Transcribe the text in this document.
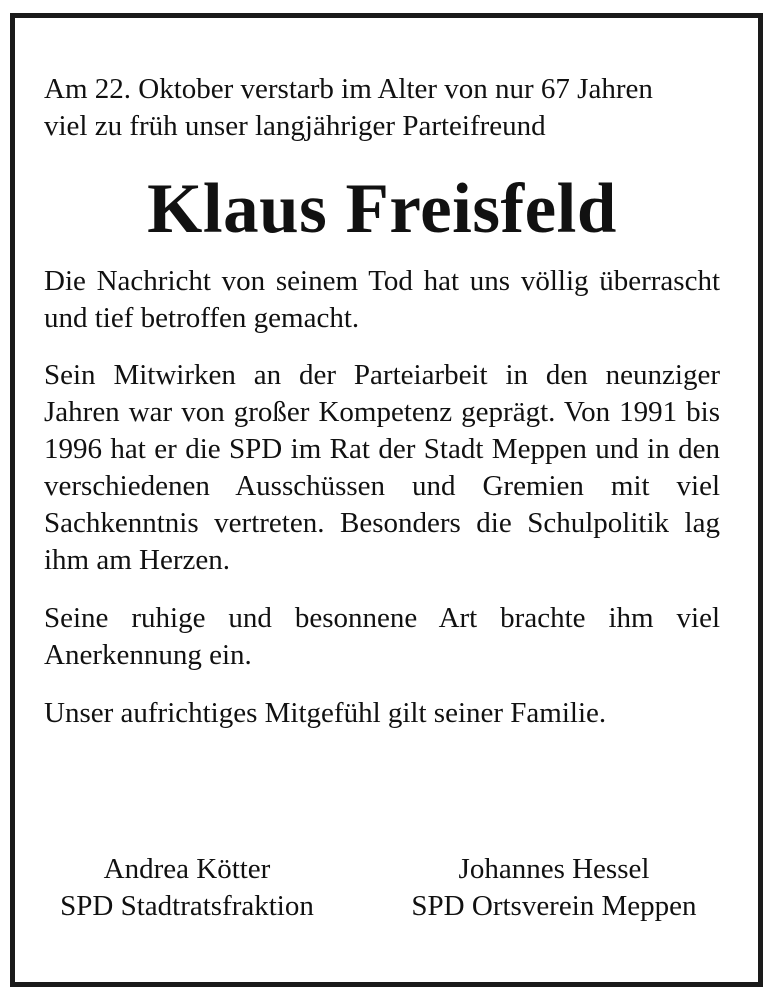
Am 22. Oktober verstarb im Alter von nur 67 Jahren
viel zu früh unser langjähriger Parteifreund

Klaus Freisfeld

Die Nachricht von seinem Tod hat uns völlig überrascht und tief betroffen gemacht.

Sein Mitwirken an der Parteiarbeit in den neunziger Jahren war von großer Kompetenz geprägt. Von 1991 bis 1996 hat er die SPD im Rat der Stadt Meppen und in den verschiedenen Ausschüssen und Gremien mit viel Sachkenntnis vertreten. Besonders die Schulpolitik lag ihm am Herzen.

Seine ruhige und besonnene Art brachte ihm viel Anerkennung ein.

Unser aufrichtiges Mitgefühl gilt seiner Familie.

Andrea Kötter
SPD Stadtratsfraktion
Johannes Hessel
SPD Ortsverein Meppen
